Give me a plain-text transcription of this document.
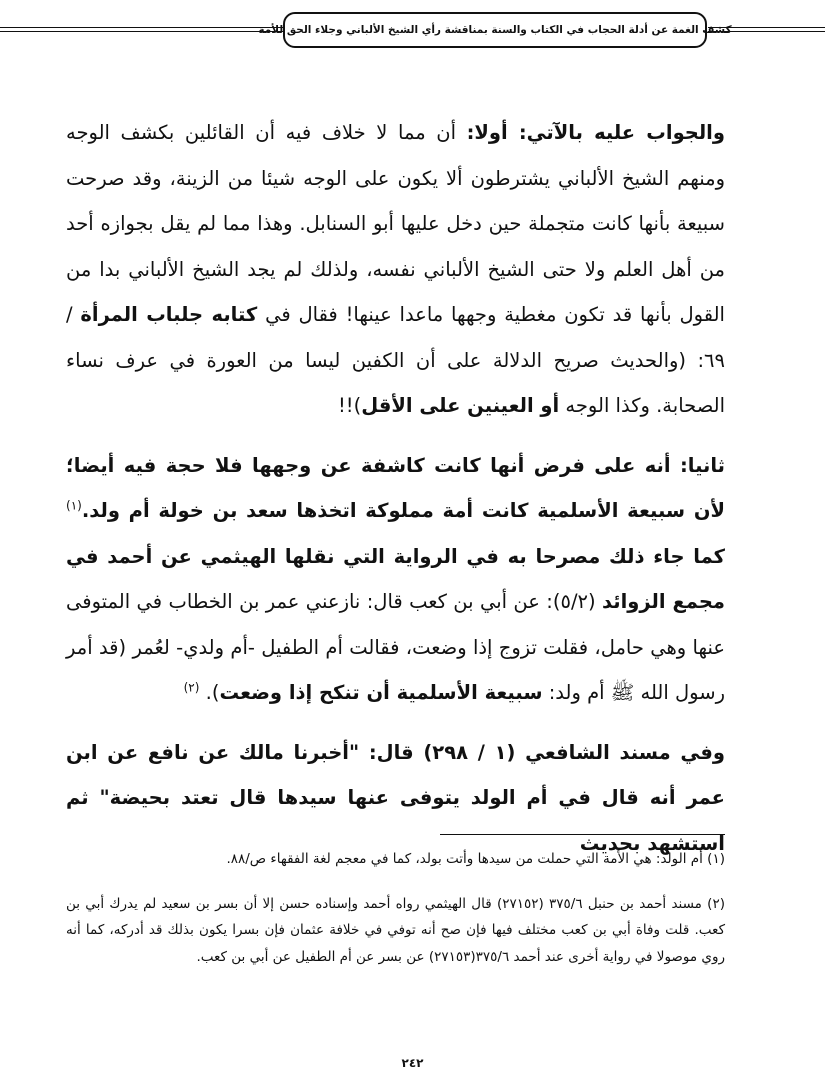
كشف الغمة عن أدلة الحجاب في الكتاب والسنة بمناقشة رأي الشيخ الألباني وجلاء الحق للأمة

والجواب عليه بالآتي: أولا: أن مما لا خلاف فيه أن القائلين بكشف الوجه ومنهم الشيخ الألباني يشترطون ألا يكون على الوجه شيئا من الزينة، وقد صرحت سبيعة بأنها كانت متجملة حين دخل عليها أبو السنابل. وهذا مما لم يقل بجوازه أحد من أهل العلم ولا حتى الشيخ الألباني نفسه، ولذلك لم يجد الشيخ الألباني بدا من القول بأنها قد تكون مغطية وجهها ماعدا عينها! فقال في كتابه جلباب المرأة /٦٩: (والحديث صريح الدلالة على أن الكفين ليسا من العورة في عرف نساء الصحابة. وكذا الوجه أو العينين على الأقل)!!

ثانيا: أنه على فرض أنها كانت كاشفة عن وجهها فلا حجة فيه أيضا؛ لأن سبيعة الأسلمية كانت أمة مملوكة اتخذها سعد بن خولة أم ولد.$^{(١)}$ كما جاء ذلك مصرحا به في الرواية التي نقلها الهيثمي عن أحمد في مجمع الزوائد (٥/٢): عن أبي بن كعب قال: نازعني عمر بن الخطاب في المتوفى عنها وهي حامل، فقلت تزوج إذا وضعت، فقالت أم الطفيل -أم ولدي- لعُمر (قد أمر رسول الله ﷺ أم ولد: سبيعة الأسلمية أن تنكح إذا وضعت). $^{(٢)}$

وفي مسند الشافعي (١ / ٢٩٨) قال: "أخبرنا مالك عن نافع عن ابن عمر أنه قال في أم الولد يتوفى عنها سيدها قال تعتد بحيضة" ثم استشهد بحديث

(١) أم الولد: هي الأمة التي حملت من سيدها وأتت بولد، كما في معجم لغة الفقهاء ص/٨٨.

(٢) مسند أحمد بن حنبل ٣٧٥/٦ (٢٧١٥٢) قال الهيثمي رواه أحمد وإسناده حسن إلا أن بسر بن سعيد لم يدرك أبي بن كعب. قلت وفاة أبي بن كعب مختلف فيها فإن صح أنه توفي في خلافة عثمان فإن بسرا يكون بذلك قد أدركه، كما أنه روي موصولا في رواية أخرى عند أحمد ٣٧٥/٦(٢٧١٥٣) عن بسر عن أم الطفيل عن أبي بن كعب.

٢٤٢
